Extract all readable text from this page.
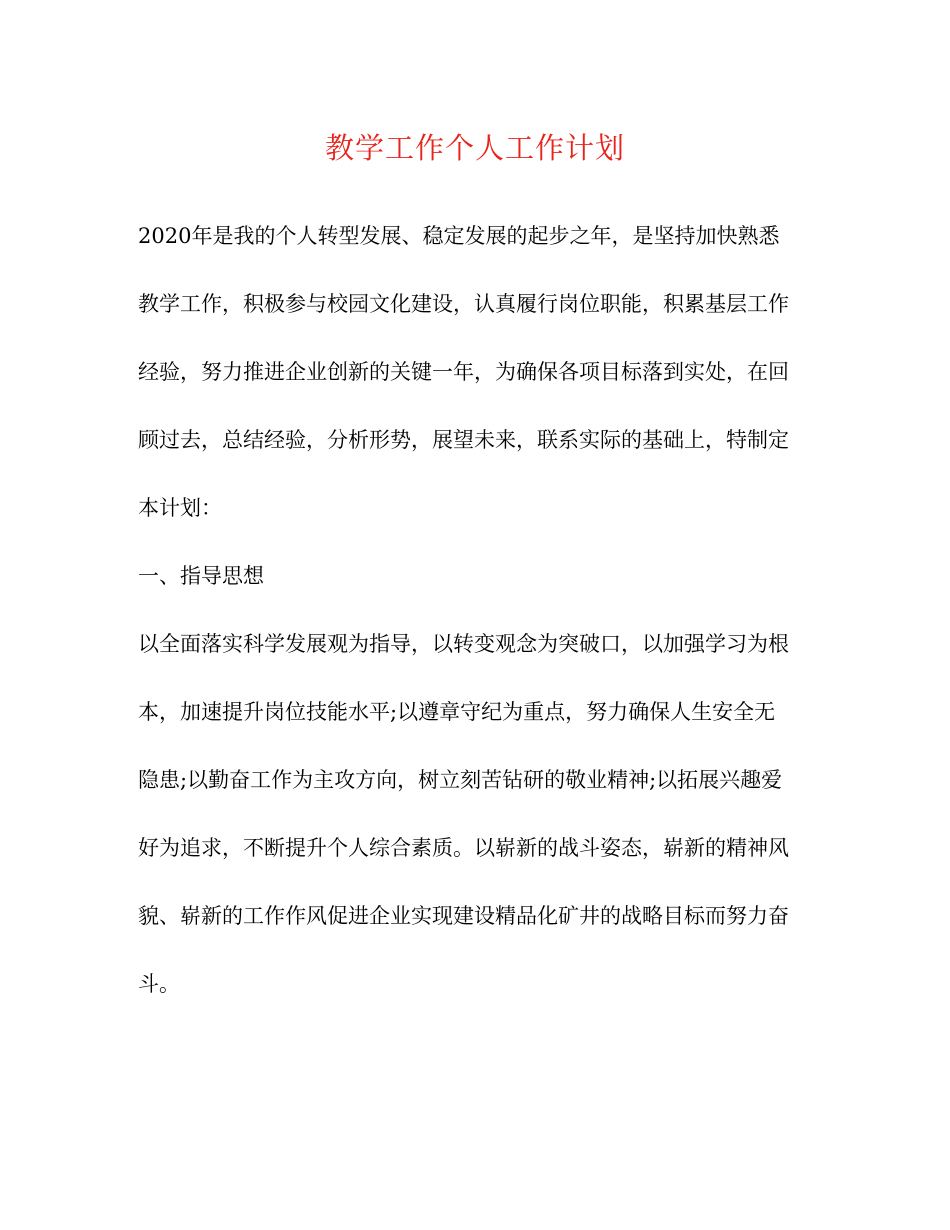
教学工作个人工作计划
2020年是我的个人转型发展、稳定发展的起步之年，是坚持加快熟悉
教学工作，积极参与校园文化建设，认真履行岗位职能，积累基层工作
经验，努力推进企业创新的关键一年，为确保各项目标落到实处，在回
顾过去，总结经验，分析形势，展望未来，联系实际的基础上，特制定
本计划：
一、指导思想
以全面落实科学发展观为指导，以转变观念为突破口，以加强学习为根
本，加速提升岗位技能水平;以遵章守纪为重点，努力确保人生安全无
隐患;以勤奋工作为主攻方向，树立刻苦钻研的敬业精神;以拓展兴趣爱
好为追求，不断提升个人综合素质。以崭新的战斗姿态，崭新的精神风
貌、崭新的工作作风促进企业实现建设精品化矿井的战略目标而努力奋
斗。
